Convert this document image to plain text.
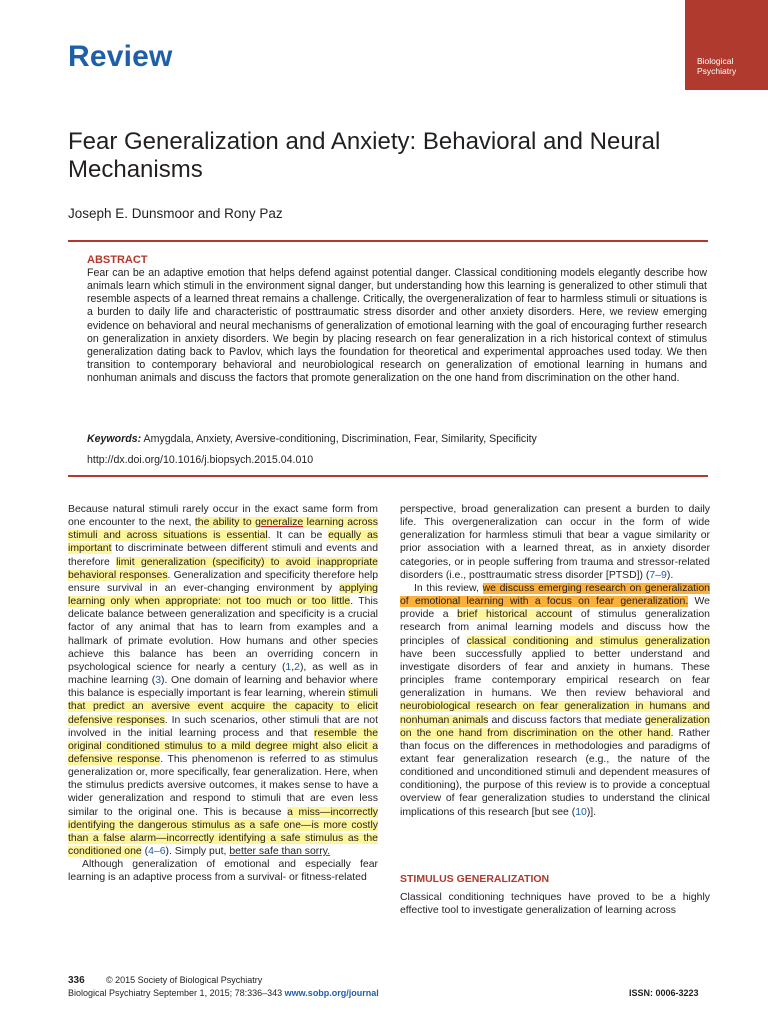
Review	Biological
Psychiatry
Fear Generalization and Anxiety: Behavioral and Neural Mechanisms
Joseph E. Dunsmoor and Rony Paz
ABSTRACT
Fear can be an adaptive emotion that helps defend against potential danger. Classical conditioning models elegantly describe how animals learn which stimuli in the environment signal danger, but understanding how this learning is generalized to other stimuli that resemble aspects of a learned threat remains a challenge. Critically, the overgeneralization of fear to harmless stimuli or situations is a burden to daily life and characteristic of posttraumatic stress disorder and other anxiety disorders. Here, we review emerging evidence on behavioral and neural mechanisms of generalization of emotional learning with the goal of encouraging further research on generalization in anxiety disorders. We begin by placing research on fear generalization in a rich historical context of stimulus generalization dating back to Pavlov, which lays the foundation for theoretical and experimental approaches used today. We then transition to contemporary behavioral and neurobiological research on generalization of emotional learning in humans and nonhuman animals and discuss the factors that promote generalization on the one hand from discrimination on the other hand.
Keywords: Amygdala, Anxiety, Aversive-conditioning, Discrimination, Fear, Similarity, Specificity
http://dx.doi.org/10.1016/j.biopsych.2015.04.010

Because natural stimuli rarely occur in the exact same form from one encounter to the next, the ability to generalize learning across stimuli and across situations is essential. It can be equally as important to discriminate between different stimuli and events and therefore limit generalization (specificity) to avoid inappropriate behavioral responses. Generalization and specificity therefore help ensure survival in an ever-changing environment by applying learning only when appropriate: not too much or too little. This delicate balance between generalization and specificity is a crucial factor of any animal that has to learn from examples and a hallmark of primate evolution. How humans and other species achieve this balance has been an overriding concern in psychological science for nearly a century (1,2), as well as in machine learning (3). One domain of learning and behavior where this balance is especially important is fear learning, wherein stimuli that predict an aversive event acquire the capacity to elicit defensive responses. In such scenarios, other stimuli that are not involved in the initial learning process and that resemble the original conditioned stimulus to a mild degree might also elicit a defensive response. This phenomenon is referred to as stimulus generalization or, more specifically, fear generalization. Here, when the stimulus predicts aversive outcomes, it makes sense to have a wider generalization and respond to stimuli that are even less similar to the original one. This is because a miss—incorrectly identifying the dangerous stimulus as a safe one—is more costly than a false alarm—incorrectly identifying a safe stimulus as the conditioned one (4–6). Simply put, better safe than sorry.

Although generalization of emotional and especially fear learning is an adaptive process from a survival- or fitness-related

perspective, broad generalization can present a burden to daily life. This overgeneralization can occur in the form of wide generalization for harmless stimuli that bear a vague similarity or prior association with a learned threat, as in anxiety disorder categories, or in people suffering from trauma and stressor-related disorders (i.e., posttraumatic stress disorder [PTSD]) (7–9).

In this review, we discuss emerging research on generalization of emotional learning with a focus on fear generalization. We provide a brief historical account of stimulus generalization research from animal learning models and discuss how the principles of classical conditioning and stimulus generalization have been successfully applied to better understand and investigate disorders of fear and anxiety in humans. These principles frame contemporary empirical research on fear generalization in humans. We then review behavioral and neurobiological research on fear generalization in humans and nonhuman animals and discuss factors that mediate generalization on the one hand from discrimination on the other hand. Rather than focus on the differences in methodologies and paradigms of extant fear generalization research (e.g., the nature of the conditioned and unconditioned stimuli and dependent measures of conditioning), the purpose of this review is to provide a conceptual overview of fear generalization studies to understand the clinical implications of this research [but see (10)].

STIMULUS GENERALIZATION
Classical conditioning techniques have proved to be a highly effective tool to investigate generalization of learning across
336 © 2015 Society of Biological Psychiatry
Biological Psychiatry September 1, 2015; 78:336–343 www.sobp.org/journal	ISSN: 0006-3223
